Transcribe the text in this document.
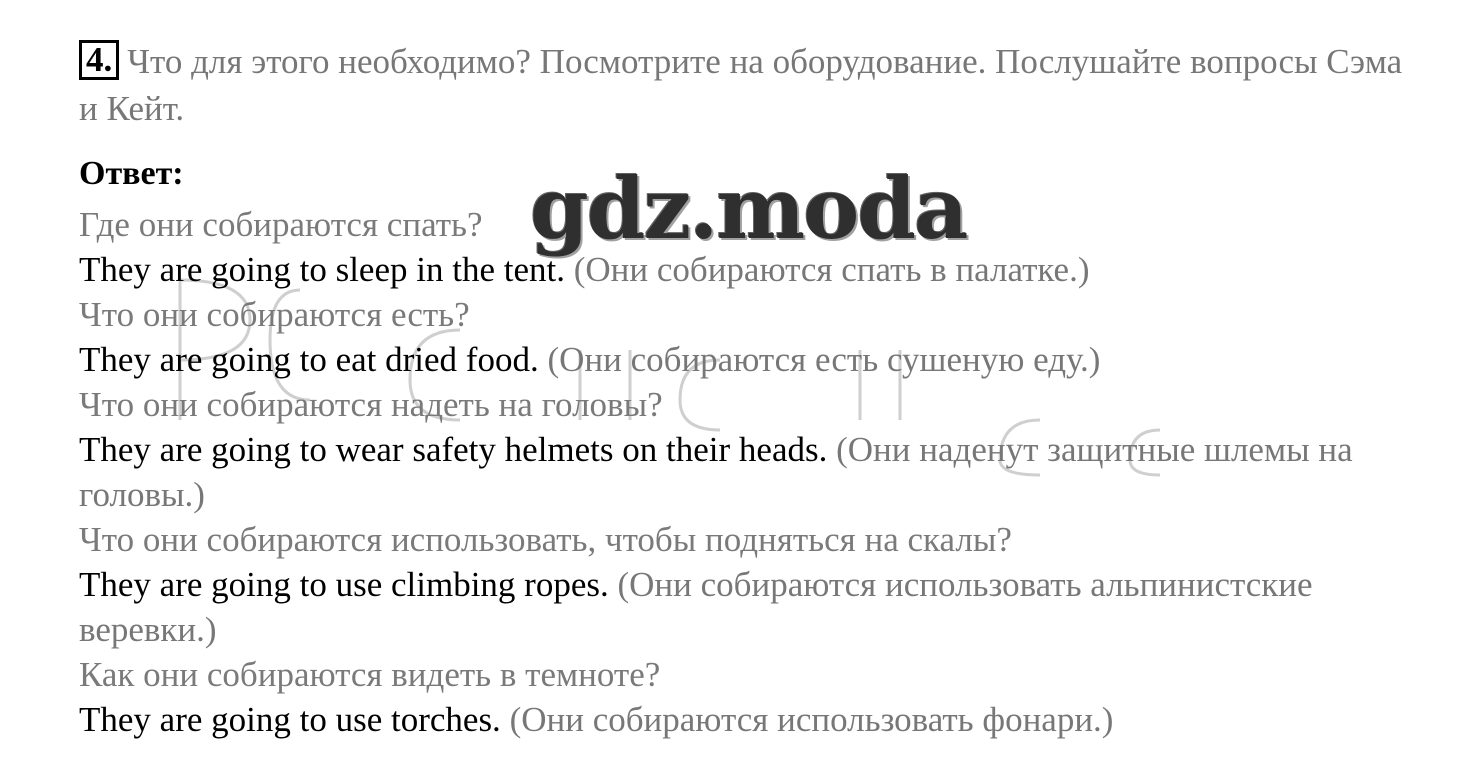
4. Что для этого необходимо? Посмотрите на оборудование. Послушайте вопросы Сэма и Кейт.

Ответ:

Где они собираются спать?

They are going to sleep in the tent. (Они собираются спать в палатке.)

Что они собираются есть?

They are going to eat dried food. (Они собираются есть сушеную еду.)

Что они собираются надеть на головы?

They are going to wear safety helmets on their heads. (Они наденут защитные шлемы на головы.)

Что они собираются использовать, чтобы подняться на скалы?

They are going to use climbing ropes. (Они собираются использовать альпинистские веревки.)

Как они собираются видеть в темноте?

They are going to use torches. (Они собираются использовать фонари.)

gdz.moda
